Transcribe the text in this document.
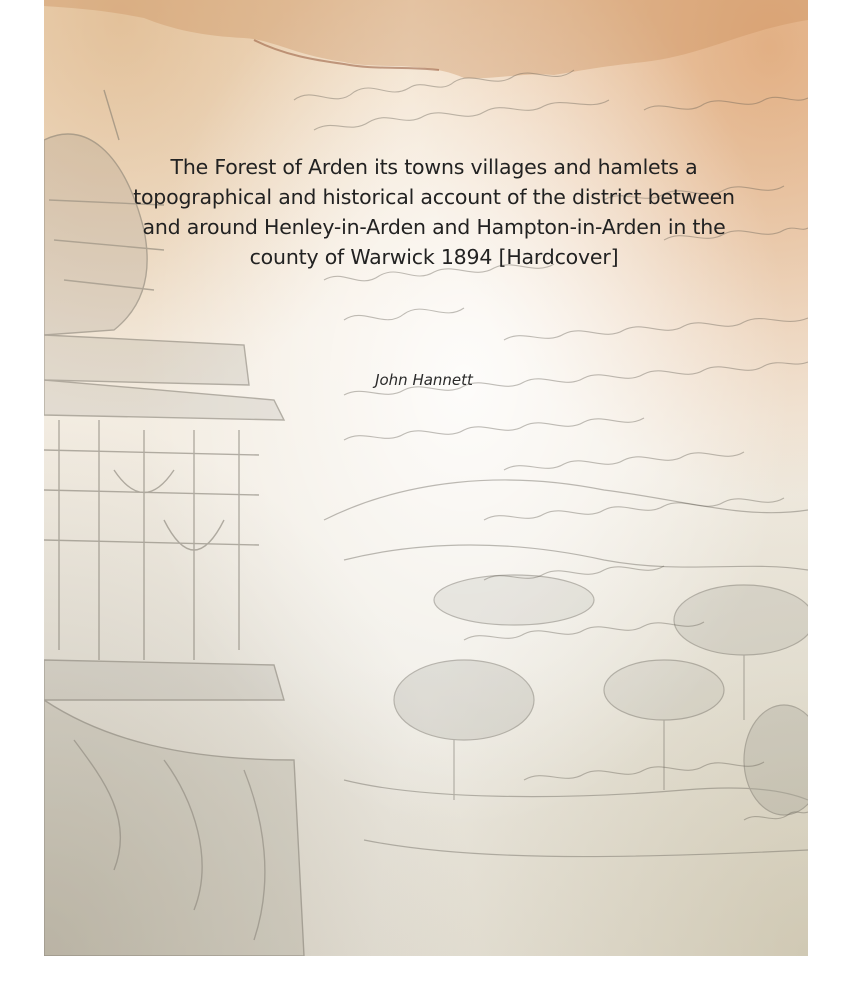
The Forest of Arden its towns villages and hamlets a topographical and historical account of the district between and around Henley-in-Arden and Hampton-in-Arden in the county of Warwick 1894 [Hardcover]
John Hannett
